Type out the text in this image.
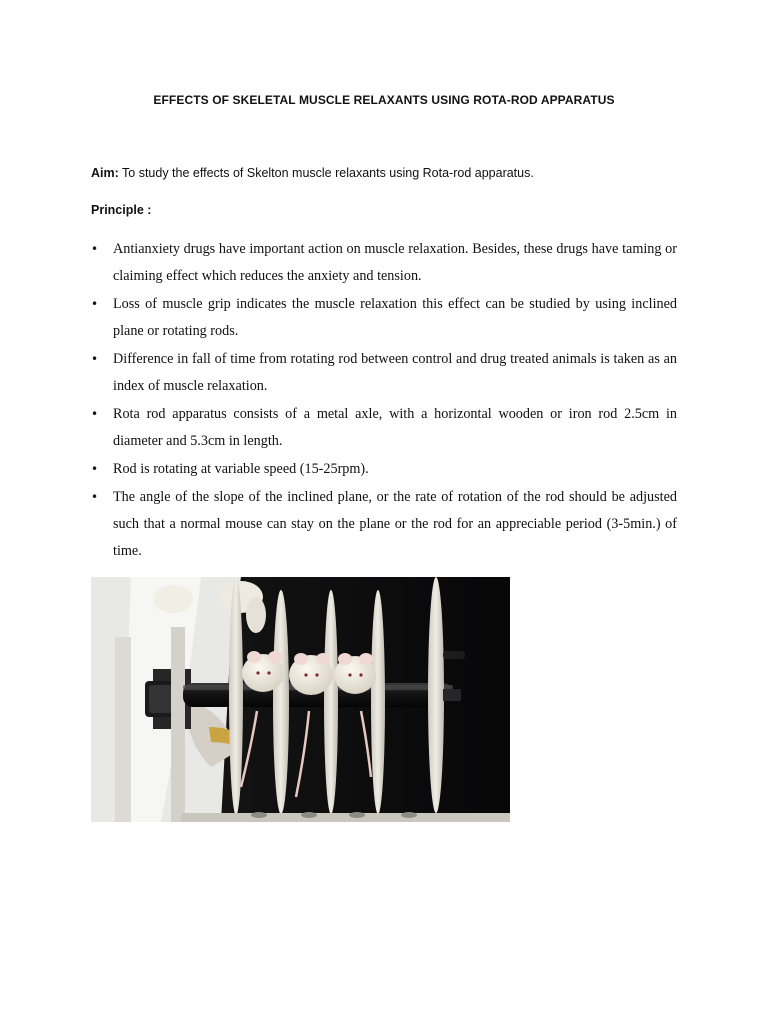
EFFECTS OF SKELETAL MUSCLE RELAXANTS USING ROTA-ROD APPARATUS

Aim: To study the effects of Skelton muscle relaxants using Rota-rod apparatus.

Principle :

• Antianxiety drugs have important action on muscle relaxation. Besides, these drugs have taming or claiming effect which reduces the anxiety and tension.
• Loss of muscle grip indicates the muscle relaxation this effect can be studied by using inclined plane or rotating rods.
• Difference in fall of time from rotating rod between control and drug treated animals is taken as an index of muscle relaxation.
• Rota rod apparatus consists of a metal axle, with a horizontal wooden or iron rod 2.5cm in diameter and 5.3cm in length.
• Rod is rotating at variable speed (15-25rpm).
• The angle of the slope of the inclined plane, or the rate of rotation of the rod should be adjusted such that a normal mouse can stay on the plane or the rod for an appreciable period (3-5min.) of time.
